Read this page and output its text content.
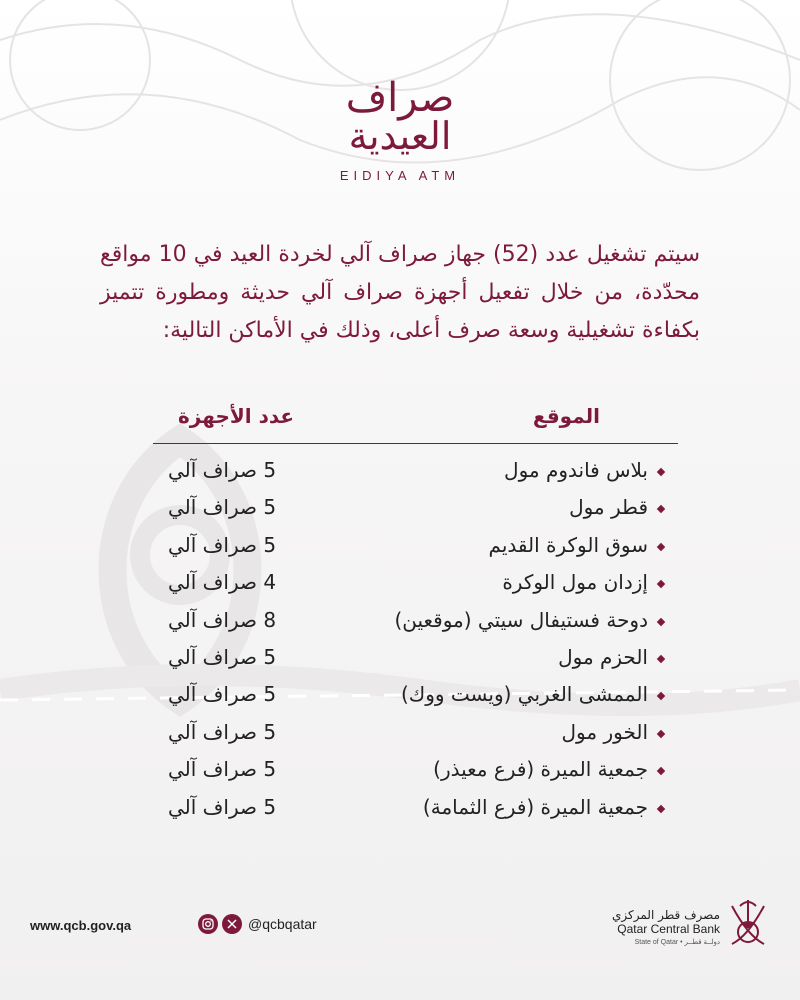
صراف
العيدية
EIDIYA ATM
سيتم تشغيل عدد (52) جهاز صراف آلي لخردة العيد في 10 مواقع محدّدة، من خلال تفعيل أجهزة صراف آلي حديثة ومطورة تتميز بكفاءة تشغيلية وسعة صرف أعلى، وذلك في الأماكن التالية:
الموقع
عدد الأجهزة
بلاس فاندوم مول
5 صراف آلي
قطر مول
5 صراف آلي
سوق الوكرة القديم
5 صراف آلي
إزدان مول الوكرة
4 صراف آلي
دوحة فستيفال سيتي (موقعين)
8 صراف آلي
الحزم مول
5 صراف آلي
الممشى الغربي (ويست ووك)
5 صراف آلي
الخور مول
5 صراف آلي
جمعية الميرة (فرع معيذر)
5 صراف آلي
جمعية الميرة (فرع الثمامة)
5 صراف آلي
www.qcb.gov.qa	@qcbqatar
مصرف قطر المركزي
Qatar Central Bank
State of Qatar • دولــة قطــر
